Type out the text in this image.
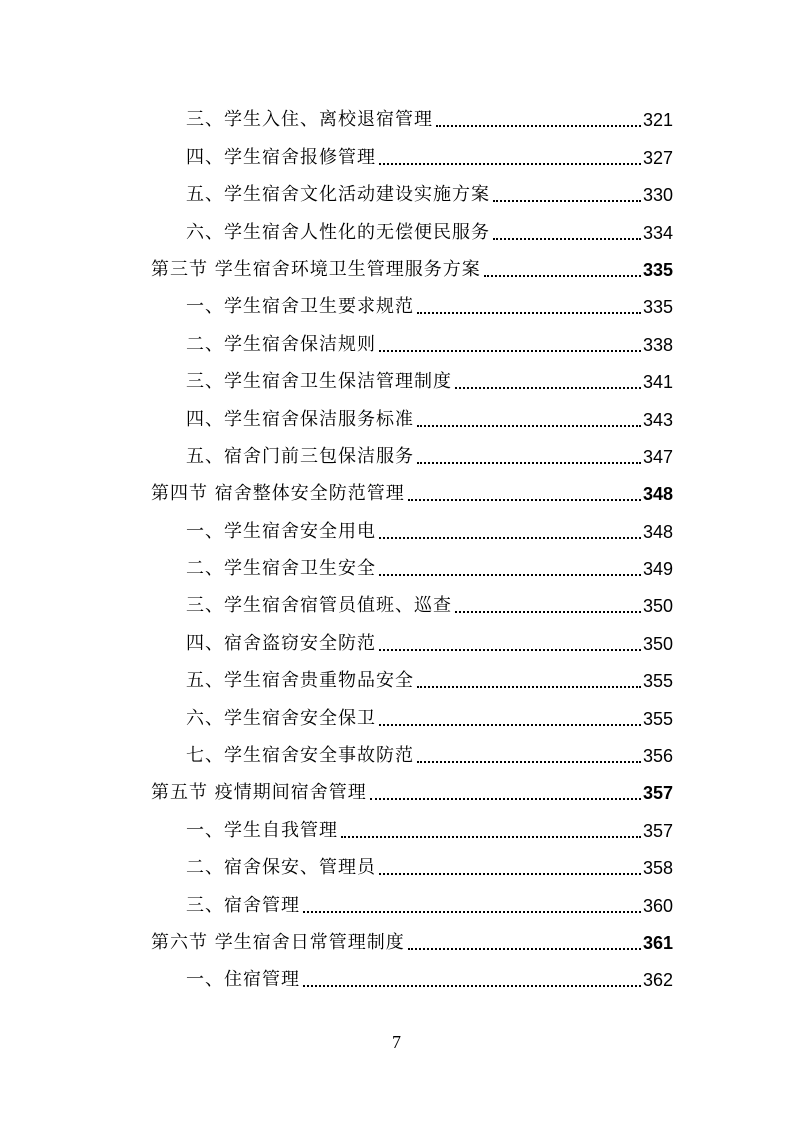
三、学生入住、离校退宿管理	321
四、学生宿舍报修管理	327
五、学生宿舍文化活动建设实施方案	330
六、学生宿舍人性化的无偿便民服务	334
第三节 学生宿舍环境卫生管理服务方案	335
一、学生宿舍卫生要求规范	335
二、学生宿舍保洁规则	338
三、学生宿舍卫生保洁管理制度	341
四、学生宿舍保洁服务标准	343
五、宿舍门前三包保洁服务	347
第四节 宿舍整体安全防范管理	348
一、学生宿舍安全用电	348
二、学生宿舍卫生安全	349
三、学生宿舍宿管员值班、巡查	350
四、宿舍盗窃安全防范	350
五、学生宿舍贵重物品安全	355
六、学生宿舍安全保卫	355
七、学生宿舍安全事故防范	356
第五节 疫情期间宿舍管理	357
一、学生自我管理	357
二、宿舍保安、管理员	358
三、宿舍管理	360
第六节 学生宿舍日常管理制度	361
一、住宿管理	362
7
